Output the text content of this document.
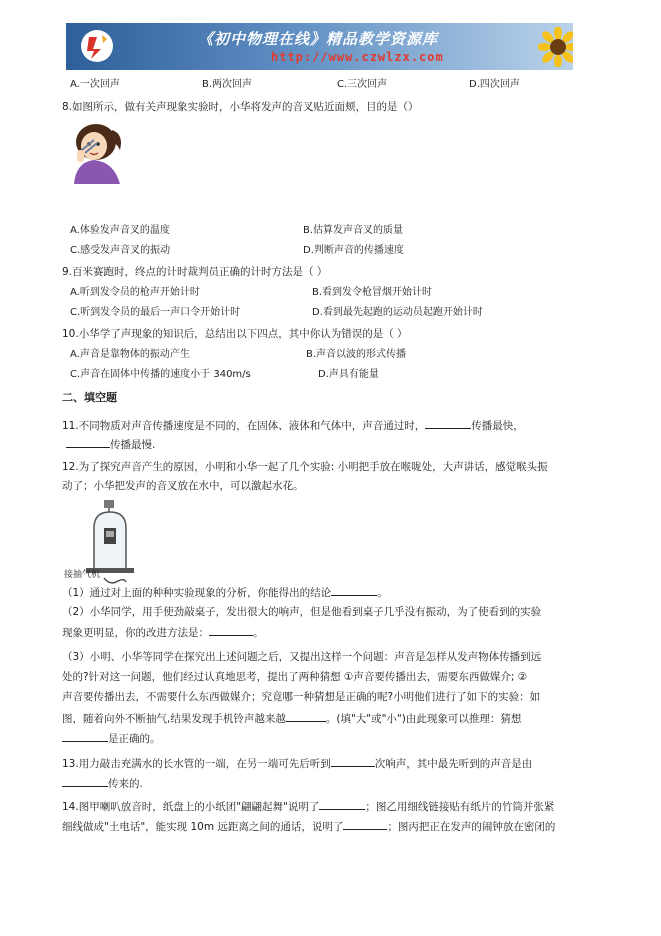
《初中物理在线》精品教学资源库
http://www.czwlzx.com
A.一次回声	B.两次回声	C.三次回声	D.四次回声
8.如图所示，做有关声现象实验时，小华将发声的音叉贴近面颊，目的是（）
A.体验发声音叉的温度	B.估算发声音叉的质量
C.感受发声音叉的振动	D.判断声音的传播速度
9.百米赛跑时，终点的计时裁判员正确的计时方法是（ ）
A.听到发令员的枪声开始计时	B.看到发令枪冒烟开始计时
C.听到发令员的最后一声口令开始计时	D.看到最先起跑的运动员起跑开始计时
10.小华学了声现象的知识后，总结出以下四点，其中你认为错误的是（ ）
A.声音是靠物体的振动产生	B.声音以波的形式传播
C.声音在固体中传播的速度小于 340m/s	D.声具有能量
二、填空题
11.不同物质对声音传播速度是不同的，在固体、液体和气体中，声音通过时，	传播最快，
传播最慢.
12.为了探究声音产生的原因，小明和小华一起了几个实验: 小明把手放在喉咙处，大声讲话，感觉喉头振
动了；小华把发声的音叉放在水中，可以激起水花。
接抽气机
（1）通过对上面的种种实验现象的分析，你能得出的结论	。
（2）小华同学，用手使劲敲桌子，发出很大的响声，但是他看到桌子几乎没有振动，为了使看到的实验
现象更明显，你的改进方法是：	。
（3）小明、小华等同学在探究出上述问题之后，又提出这样一个问题：声音是怎样从发声物体传播到远
处的?针对这一问题，他们经过认真地思考，提出了两种猜想 ①声音要传播出去，需要东西做媒介; ②
声音要传播出去，不需要什么东西做媒介；究竟哪一种猜想是正确的呢?小明他们进行了如下的实验：如
图，随着向外不断抽气,结果发现手机铃声越来越	。(填"大"或"小")由此现象可以推理：猜想
是正确的。
13.用力敲击充满水的长水管的一端，在另一端可先后听到	次响声，其中最先听到的声音是由
传来的.
14.图甲喇叭放音时，纸盘上的小纸团"翩翩起舞"说明了	；图乙用细线链接贴有纸片的竹筒并张紧
细线做成"土电话"，能实现 10m 远距离之间的通话，说明了	；图丙把正在发声的闹钟放在密闭的
